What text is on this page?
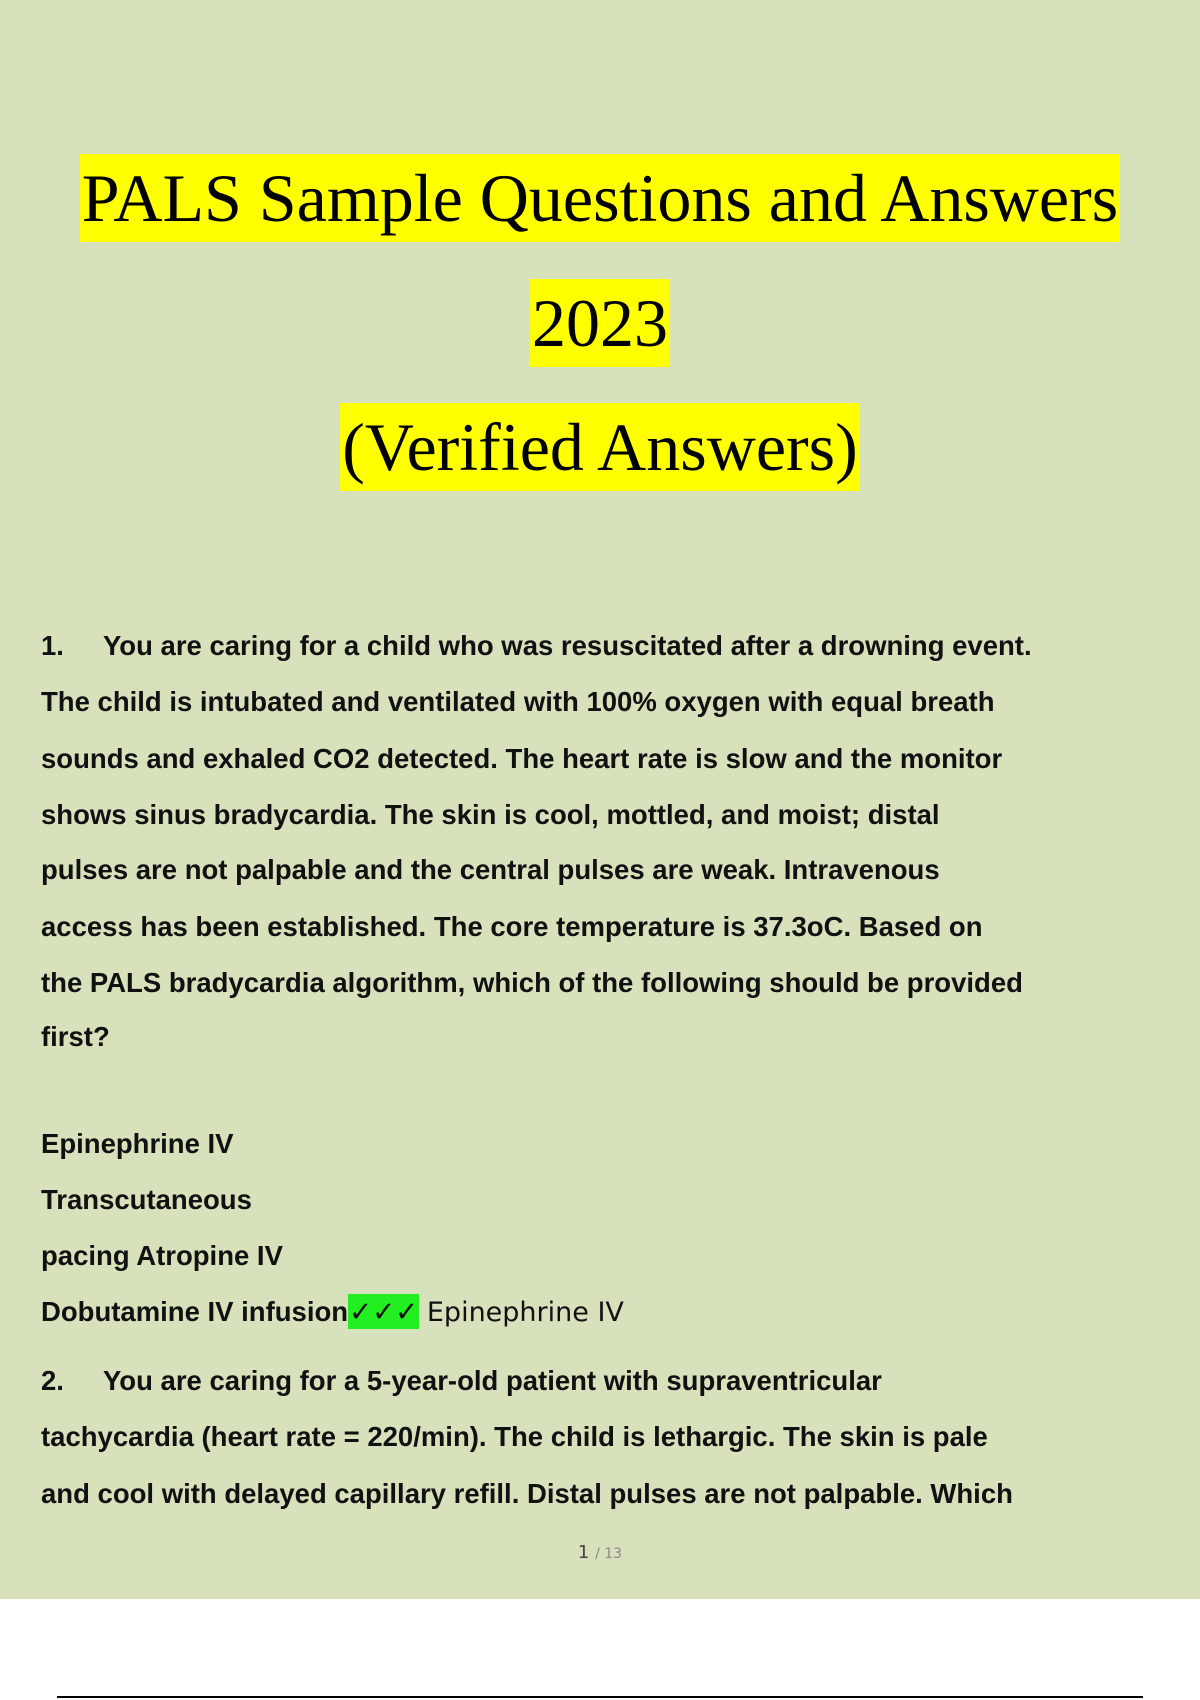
PALS Sample Questions and Answers
2023
(Verified Answers)
1. You are caring for a child who was resuscitated after a drowning event.
The child is intubated and ventilated with 100% oxygen with equal breath
sounds and exhaled CO2 detected. The heart rate is slow and the monitor
shows sinus bradycardia. The skin is cool, mottled, and moist; distal
pulses are not palpable and the central pulses are weak. Intravenous
access has been established. The core temperature is 37.3oC. Based on
the PALS bradycardia algorithm, which of the following should be provided
first?
Epinephrine IV
Transcutaneous
pacing Atropine IV
Dobutamine IV infusion✓✓✓ Epinephrine IV
2. You are caring for a 5-year-old patient with supraventricular
tachycardia (heart rate = 220/min). The child is lethargic. The skin is pale
and cool with delayed capillary refill. Distal pulses are not palpable. Which
1 / 13
